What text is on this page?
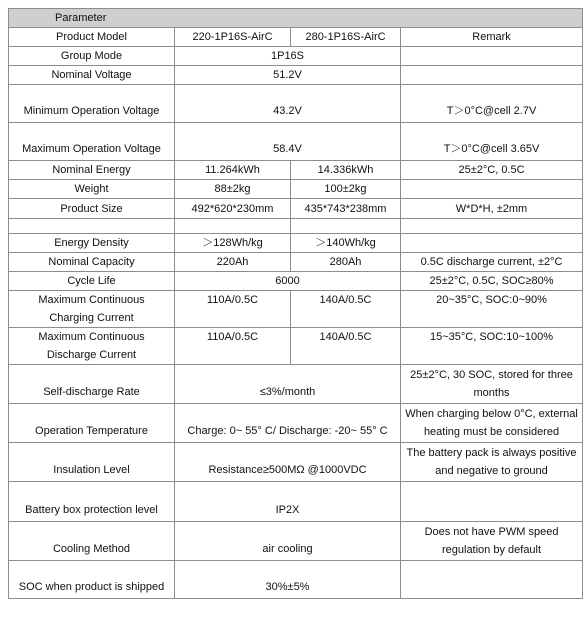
Parameter			
Product Model	220-1P16S-AirC	280-1P16S-AirC	Remark
Group Mode	1P16S		
Nominal Voltage	51.2V		
Minimum Operation Voltage	43.2V		T＞0°C@cell 2.7V
Maximum Operation Voltage	58.4V		T＞0°C@cell 3.65V
Nominal Energy	11.264kWh	14.336kWh	25±2°C, 0.5C
Weight	88±2kg	100±2kg	
Product Size	492*620*230mm	435*743*238mm	W*D*H, ±2mm

Energy Density	＞128Wh/kg	＞140Wh/kg	
Nominal Capacity	220Ah	280Ah	0.5C discharge current, ±2°C
Cycle Life	6000		25±2°C, 0.5C, SOC≥80%

Maximum Continuous
Charging Current	110A/0.5C	140A/0.5C	20~35°C, SOC:0~90%

Maximum Continuous
Discharge Current	110A/0.5C	140A/0.5C	15~35°C, SOC:10~100%
Self-discharge Rate	≤3%/month		25±2°C, 30 SOC, stored for three
months

Operation Temperature	Charge: 0~ 55° C/ Discharge: -20~ 55° C		When charging below 0°C, external
heating must be considered

Insulation Level	Resistance≥500MΩ @1000VDC		The battery pack is always positive
and negative to ground

Battery box protection level	IP2X		
Cooling Method	air cooling		Does not have PWM speed
regulation by default

SOC when product is shipped	30%±5%		
